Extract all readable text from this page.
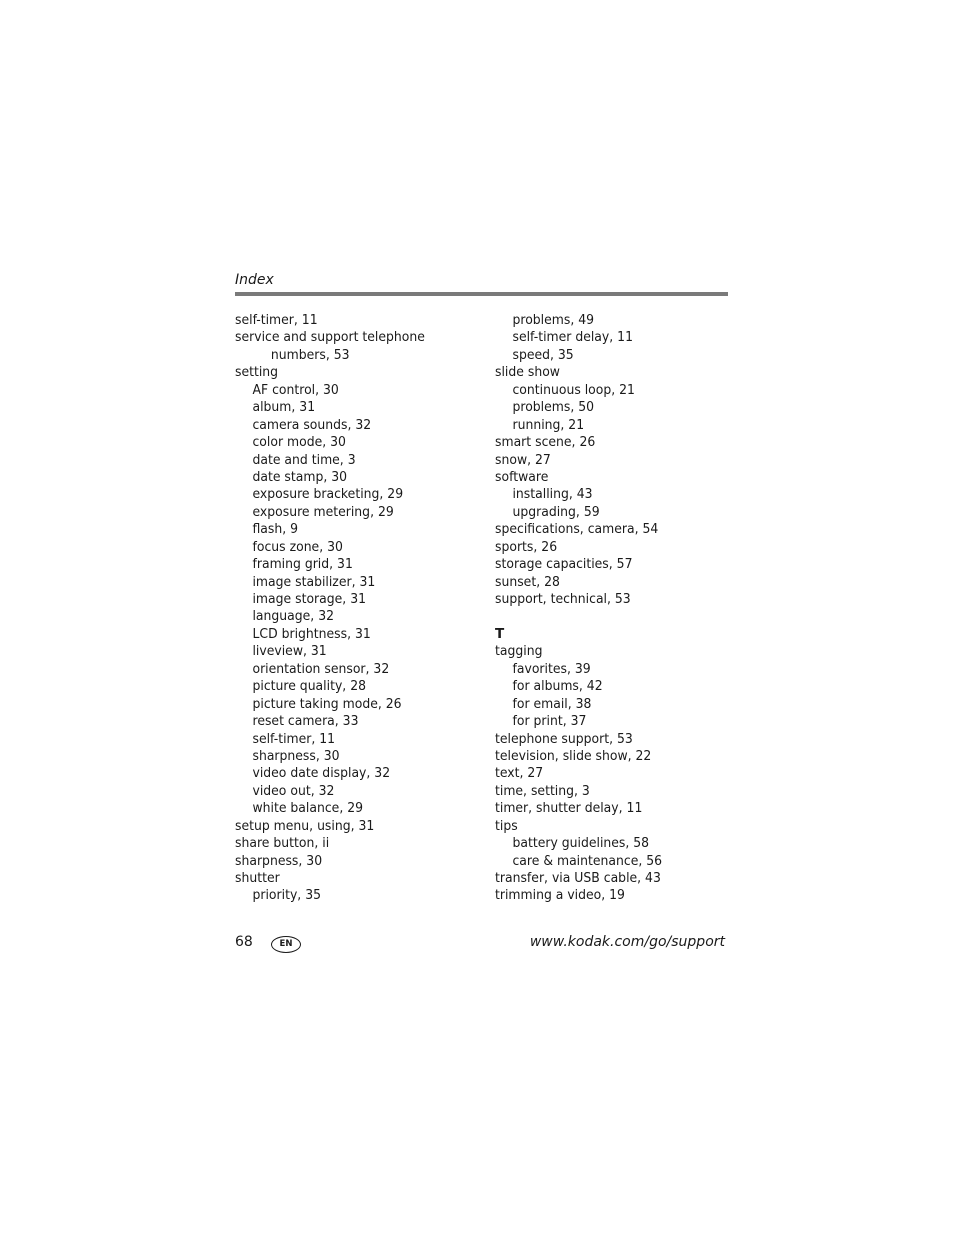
Index
self-timer, 11
service and support telephone
numbers, 53
setting
AF control, 30
album, 31
camera sounds, 32
color mode, 30
date and time, 3
date stamp, 30
exposure bracketing, 29
exposure metering, 29
flash, 9
focus zone, 30
framing grid, 31
image stabilizer, 31
image storage, 31
language, 32
LCD brightness, 31
liveview, 31
orientation sensor, 32
picture quality, 28
picture taking mode, 26
reset camera, 33
self-timer, 11
sharpness, 30
video date display, 32
video out, 32
white balance, 29
setup menu, using, 31
share button, ii
sharpness, 30
shutter
priority, 35
problems, 49
self-timer delay, 11
speed, 35
slide show
continuous loop, 21
problems, 50
running, 21
smart scene, 26
snow, 27
software
installing, 43
upgrading, 59
specifications, camera, 54
sports, 26
storage capacities, 57
sunset, 28
support, technical, 53
T
tagging
favorites, 39
for albums, 42
for email, 38
for print, 37
telephone support, 53
television, slide show, 22
text, 27
time, setting, 3
timer, shutter delay, 11
tips
battery guidelines, 58
care & maintenance, 56
transfer, via USB cable, 43
trimming a video, 19
68	EN	www.kodak.com/go/support
